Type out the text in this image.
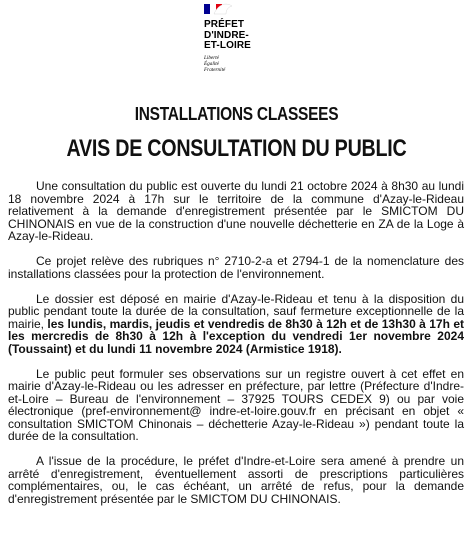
PRÉFET
D'INDRE-
ET-LOIRE
Liberté
Égalité
Fraternité
INSTALLATIONS CLASSEES
AVIS DE CONSULTATION DU PUBLIC

Une consultation du public est ouverte du lundi 21 octobre 2024 à 8h30 au lundi 18 novembre 2024 à 17h sur le territoire de la commune d'Azay-le-Rideau relativement à la demande d'enregistrement présentée par le SMICTOM DU CHINONAIS en vue de la construction d'une nouvelle déchetterie en ZA de la Loge à Azay-le-Rideau.

Ce projet relève des rubriques n° 2710-2-a et 2794-1 de la nomenclature des installations classées pour la protection de l'environnement.

Le dossier est déposé en mairie d'Azay-le-Rideau et tenu à la disposition du public pendant toute la durée de la consultation, sauf fermeture exceptionnelle de la mairie, les lundis, mardis, jeudis et vendredis de 8h30 à 12h et de 13h30 à 17h et les mercredis de 8h30 à 12h à l'exception du vendredi 1er novembre 2024 (Toussaint) et du lundi 11 novembre 2024 (Armistice 1918).

Le public peut formuler ses observations sur un registre ouvert à cet effet en mairie d'Azay-le-Rideau ou les adresser en préfecture, par lettre (Préfecture d'Indre-et-Loire – Bureau de l'environnement – 37925 TOURS CEDEX 9) ou par voie électronique (pref-environnement@ indre-et-loire.gouv.fr en précisant en objet « consultation SMICTOM Chinonais – déchetterie Azay-le-Rideau ») pendant toute la durée de la consultation.

A l'issue de la procédure, le préfet d'Indre-et-Loire sera amené à prendre un arrêté d'enregistrement, éventuellement assorti de prescriptions particulières complémentaires, ou, le cas échéant, un arrêté de refus, pour la demande d'enregistrement présentée par le SMICTOM DU CHINONAIS.
